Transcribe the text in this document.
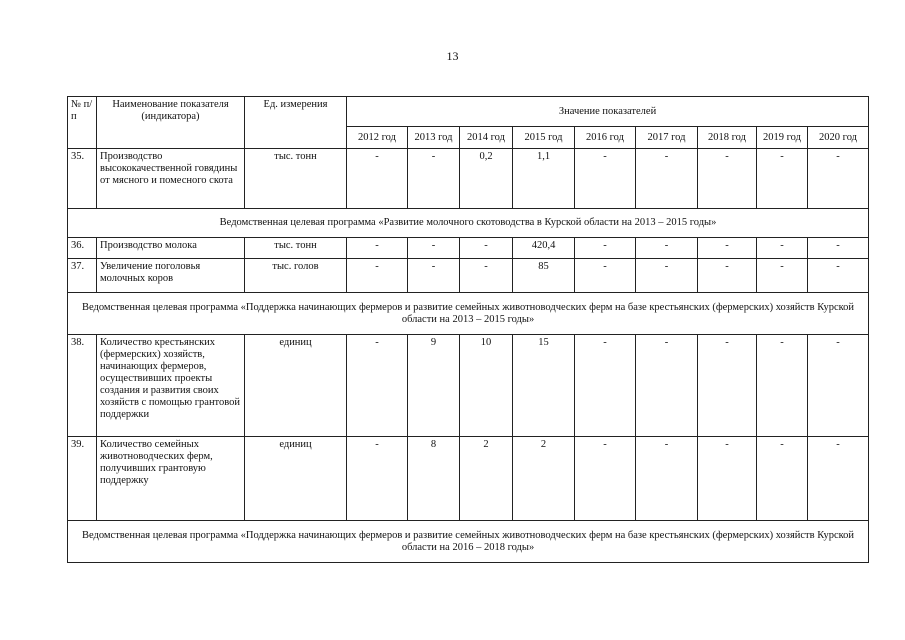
13
№ п/п	Наименование показателя (индикатора)	Ед. измерения	Значение показателей								
			2012 год	2013 год	2014 год	2015 год	2016 год	2017 год	2018 год	2019 год	2020 год
35.	Производство высококачественной говядины от мясного и помесного скота	тыс. тонн	-	-	0,2	1,1	-	-	-	-	-
Ведомственная целевая программа «Развитие молочного скотоводства в Курской области на 2013 – 2015 годы»											
36.	Производство молока	тыс. тонн	-	-	-	420,4	-	-	-	-	-
37.	Увеличение поголовья молочных коров	тыс. голов	-	-	-	85	-	-	-	-	-
Ведомственная целевая программа «Поддержка начинающих фермеров и развитие семейных животноводческих ферм на базе крестьянских (фермерских) хозяйств Курской области на 2013 – 2015 годы»											
38.	Количество крестьянских (фермерских) хозяйств, начинающих фермеров, осуществивших проекты создания и развития своих хозяйств с помощью грантовой поддержки	единиц	-	9	10	15	-	-	-	-	-
39.	Количество семейных животноводческих ферм, получивших грантовую поддержку	единиц	-	8	2	2	-	-	-	-	-
Ведомственная целевая программа «Поддержка начинающих фермеров и развитие семейных животноводческих ферм на базе крестьянских (фермерских) хозяйств Курской области на 2016 – 2018 годы»											
